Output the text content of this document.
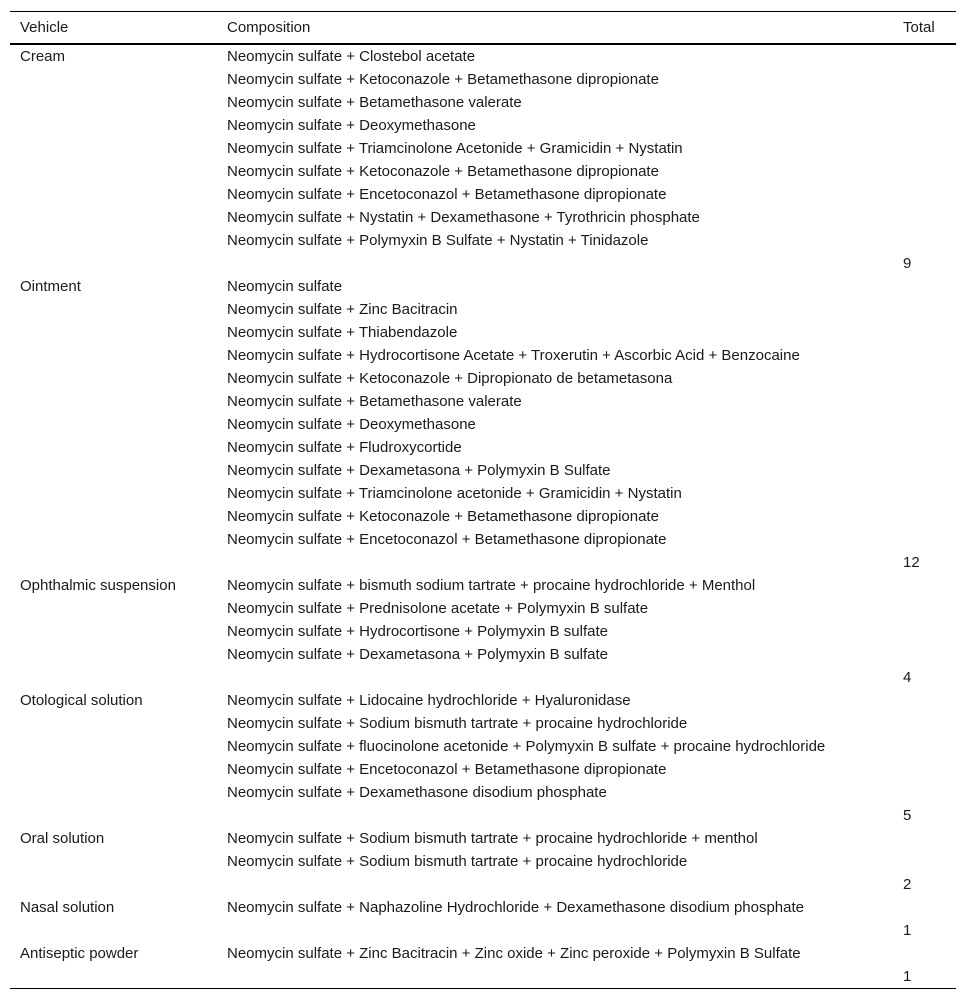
Vehicle	Composition	Total
Cream	Neomycin sulfate + Clostebol acetate
Neomycin sulfate + Ketoconazole + Betamethasone dipropionate
Neomycin sulfate + Betamethasone valerate
Neomycin sulfate + Deoxymethasone
Neomycin sulfate + Triamcinolone Acetonide + Gramicidin + Nystatin
Neomycin sulfate + Ketoconazole + Betamethasone dipropionate
Neomycin sulfate + Encetoconazol + Betamethasone dipropionate
Neomycin sulfate + Nystatin + Dexamethasone + Tyrothricin phosphate
Neomycin sulfate + Polymyxin B Sulfate + Nystatin + Tinidazole
9
Ointment	Neomycin sulfate
Neomycin sulfate + Zinc Bacitracin
Neomycin sulfate + Thiabendazole
Neomycin sulfate + Hydrocortisone Acetate + Troxerutin + Ascorbic Acid + Benzocaine
Neomycin sulfate + Ketoconazole + Dipropionato de betametasona
Neomycin sulfate + Betamethasone valerate
Neomycin sulfate + Deoxymethasone
Neomycin sulfate + Fludroxycortide
Neomycin sulfate + Dexametasona + Polymyxin B Sulfate
Neomycin sulfate + Triamcinolone acetonide + Gramicidin + Nystatin
Neomycin sulfate + Ketoconazole + Betamethasone dipropionate
Neomycin sulfate + Encetoconazol + Betamethasone dipropionate
12
Ophthalmic suspension	Neomycin sulfate + bismuth sodium tartrate + procaine hydrochloride + Menthol
Neomycin sulfate + Prednisolone acetate + Polymyxin B sulfate
Neomycin sulfate + Hydrocortisone + Polymyxin B sulfate
Neomycin sulfate + Dexametasona + Polymyxin B sulfate
4
Otological solution	Neomycin sulfate + Lidocaine hydrochloride + Hyaluronidase
Neomycin sulfate + Sodium bismuth tartrate + procaine hydrochloride
Neomycin sulfate + fluocinolone acetonide + Polymyxin B sulfate + procaine hydrochloride
Neomycin sulfate + Encetoconazol + Betamethasone dipropionate
Neomycin sulfate + Dexamethasone disodium phosphate
5
Oral solution	Neomycin sulfate + Sodium bismuth tartrate + procaine hydrochloride + menthol
Neomycin sulfate + Sodium bismuth tartrate + procaine hydrochloride
2
Nasal solution	Neomycin sulfate + Naphazoline Hydrochloride + Dexamethasone disodium phosphate
1
Antiseptic powder	Neomycin sulfate + Zinc Bacitracin + Zinc oxide + Zinc peroxide + Polymyxin B Sulfate
1
